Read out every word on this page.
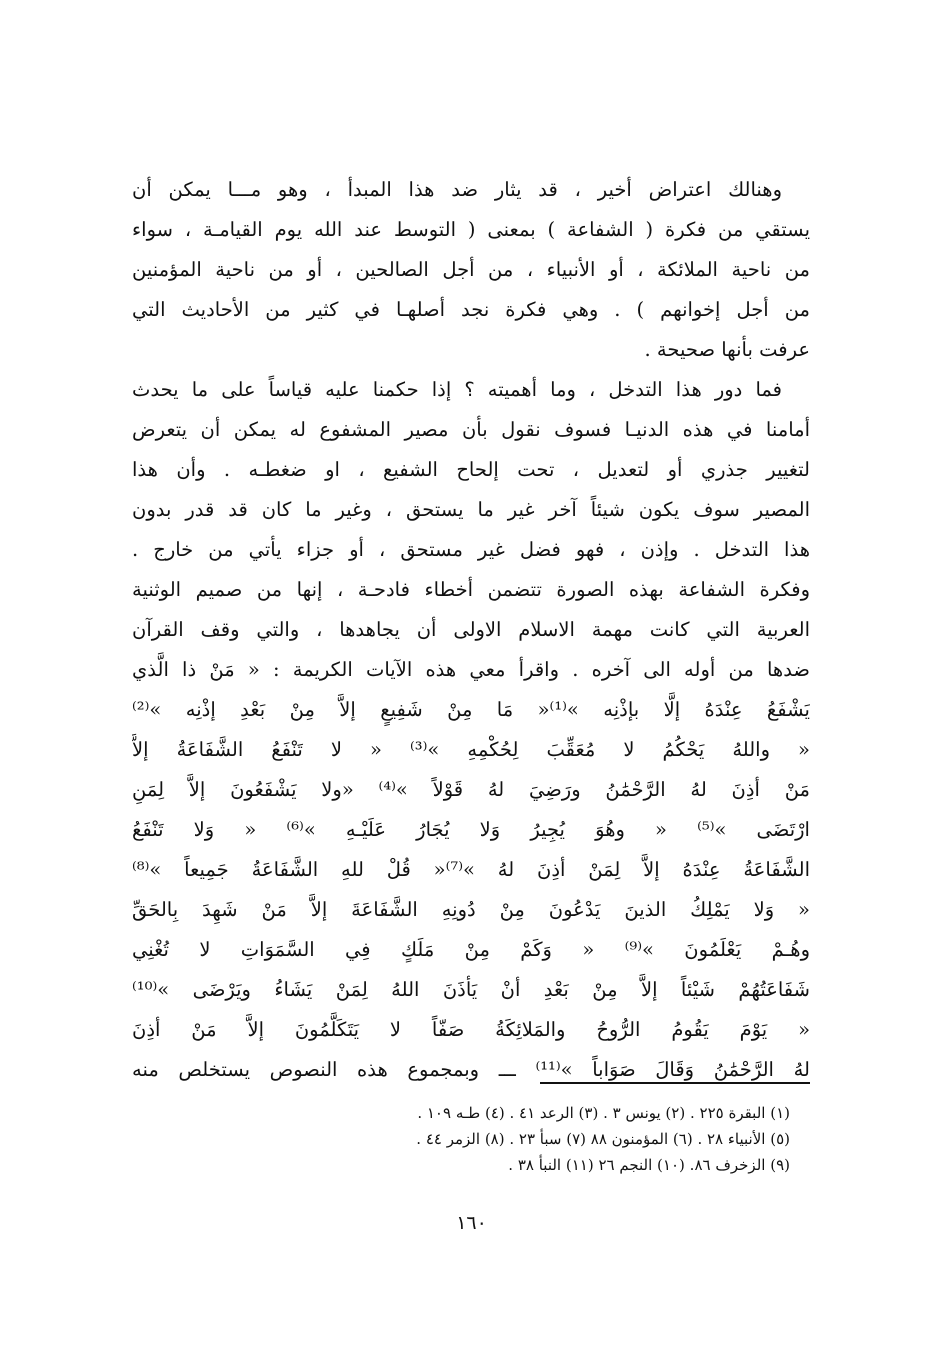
وهنالك اعتراض أخير ، قد يثار ضد هذا المبدأ ، وهو مـــا يمكن أن
يستقي من فكرة ( الشفاعة ) بمعنى ( التوسط عند الله يوم القيامـة ، سواء
من ناحية الملائكة ، أو الأنبياء ، من أجل الصالحين ، أو من ناحية المؤمنين
من أجل إخوانهم ) . وهي فكرة نجد أصلهـا في كثير من الأحاديث التي
عرفت بأنها صحيحة .
فما دور هذا التدخل ، وما أهميته ؟ إذا حكمنا عليه قياساً على ما يحدث
أمامنا في هذه الدنيـا فسوف نقول بأن مصير المشفوع له يمكن أن يتعرض
لتغيير جذري أو لتعديل ، تحت إلحاح الشفيع ، او ضغطـه . وأن هذا
المصير سوف يكون شيئاً آخر غير ما يستحق ، وغير ما كان قد قدر بدون
هذا التدخل . وإذن ، فهو فضل غير مستحق ، أو جزاء يأتي من خارج .
وفكرة الشفاعة بهذه الصورة تتضمن أخطاء فادحـة ، إنها من صميم الوثنية
العربية التي كانت مهمة الاسلام الاولى أن يجاهدها ، والتي وقف القرآن
ضدها من أوله الى آخره . واقرأ معي هذه الآيات الكريمة : « مَنْ ذا الَّذي
يَشْفَعُ عِنْدَهُ إلَّا بإذْنِه »⁽¹⁾« مَا مِنْ شَفِيعٍ إلاَّ مِنْ بَعْدِ إذْنِه »⁽²⁾
« واللهُ يَحْكُمُ لا مُعَقِّبَ لِحُكْمِهِ »⁽³⁾ « لا تَنْفَعُ الشَّفَاعَةُ إلاَّ
مَنْ أذِنَ لهُ الرَّحْمَٰنُ ورَضِيَ لهُ قَوْلاً »⁽⁴⁾ «ولا يَشْفَعُونَ إلاَّ لِمَنِ
ارْتَضَى »⁽⁵⁾ « وهُوَ يُجِيرُ وَلا يُجَارُ عَلَيْـهِ »⁽⁶⁾ « وَلا تَنْفَعُ
الشَّفَاعَةُ عِنْدَهُ إلاَّ لِمَنْ أذِنَ لهُ »⁽⁷⁾« قُلْ للهِ الشَّفَاعَةُ جَمِيعاً »⁽⁸⁾
« وَلا يَمْلِكُ الذينَ يَدْعُونَ مِنْ دُونِهِ الشَّفَاعَةَ إلاَّ مَنْ شَهِدَ بِالحَقِّ
وهُـمْ يَعْلَمُونَ »⁽⁹⁾ « وَكَمْ مِنْ مَلَكٍ فِي السَّمَوَاتِ لا تُغْنِي
شَفَاعَتُهُمْ شَيْئاً إلاَّ مِنْ بَعْدِ أنْ يَأذَنَ اللهُ لِمَنْ يَشَاءُ ويَرْضَى »⁽¹⁰⁾
« يَوْمَ يَقُومُ الرُّوحُ والمَلائِكَةُ صَفّاً لا يَتَكَلَّمُونَ إلاَّ مَنْ أذِنَ
لهُ الرَّحْمَٰنُ وَقَالَ صَوَاباً »⁽¹¹⁾ ـــ وبمجموع هذه النصوص يستخلص منه
(١) البقرة ٢٢٥ . (٢) يونس ٣ . (٣) الرعد ٤١ . (٤) طـه ١٠٩ .
(٥) الأنبياء ٢٨ . (٦) المؤمنون ٨٨ (٧) سبأ ٢٣ . (٨) الزمر ٤٤ .
(٩) الزخرف ٨٦. (١٠) النجم ٢٦ (١١) النبأ ٣٨ .
١٦٠
